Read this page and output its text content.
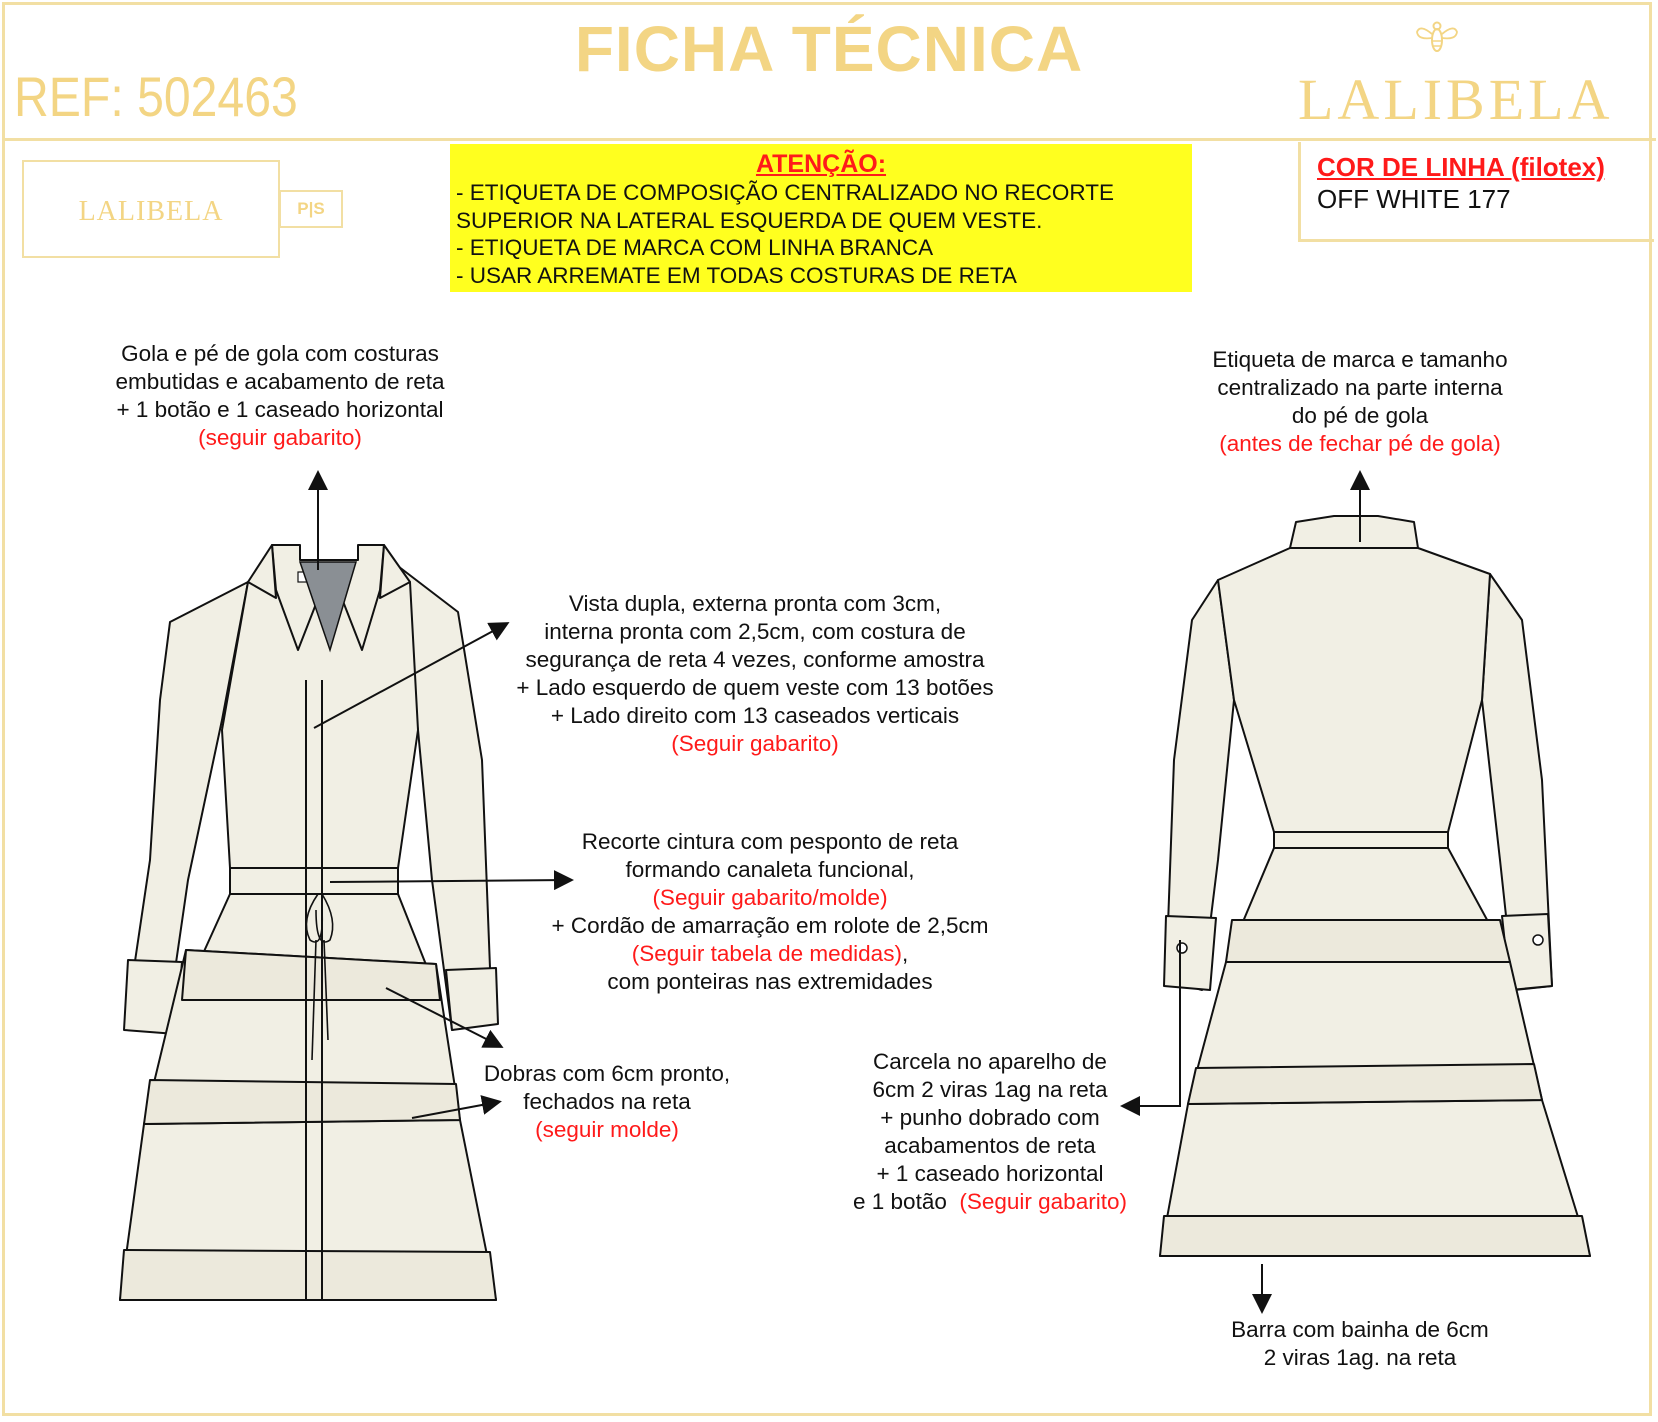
FICHA TÉCNICA
REF: 502463	LALIBELA
LALIBELA	P|S
ATENÇÃO:
- ETIQUETA DE COMPOSIÇÃO CENTRALIZADO NO RECORTE
SUPERIOR NA LATERAL ESQUERDA DE QUEM VESTE.
- ETIQUETA DE MARCA COM LINHA BRANCA
- USAR ARREMATE EM TODAS COSTURAS DE RETA
COR DE LINHA (filotex)
OFF WHITE 177
Gola e pé de gola com costuras
embutidas e acabamento de reta
+ 1 botão e 1 caseado horizontal
(seguir gabarito)
Vista dupla, externa pronta com 3cm,
interna pronta com 2,5cm, com costura de
segurança de reta 4 vezes, conforme amostra
+ Lado esquerdo de quem veste com 13 botões
+ Lado direito com 13 caseados verticais
(Seguir gabarito)
Recorte cintura com pesponto de reta
formando canaleta funcional,
(Seguir gabarito/molde)
+ Cordão de amarração em rolote de 2,5cm
(Seguir tabela de medidas),
com ponteiras nas extremidades
Dobras com 6cm pronto,
fechados na reta
(seguir molde)
Etiqueta de marca e tamanho
centralizado na parte interna
do pé de gola
(antes de fechar pé de gola)
Carcela no aparelho de
6cm 2 viras 1ag na reta
+ punho dobrado com
acabamentos de reta
+ 1 caseado horizontal
e 1 botão (Seguir gabarito)
Barra com bainha de 6cm
2 viras 1ag. na reta
